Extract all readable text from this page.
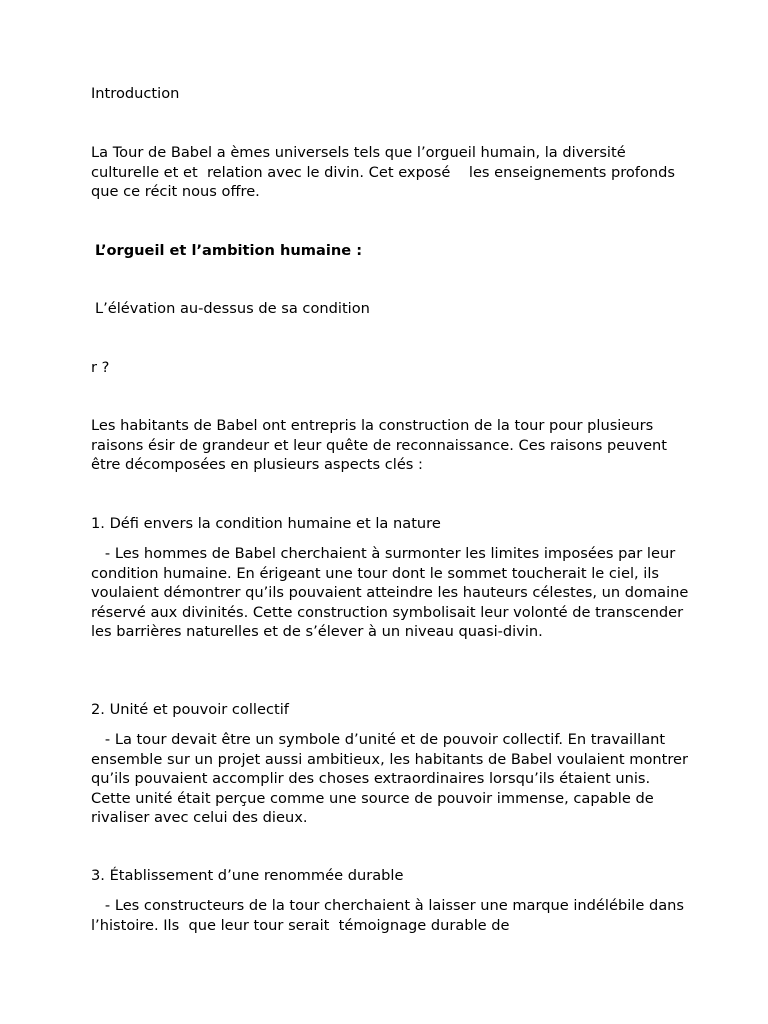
Introduction

La Tour de Babel a èmes universels tels que l’orgueil humain, la diversité culturelle et et  relation avec le divin. Cet exposé    les enseignements profonds que ce récit nous offre.

L’orgueil et l’ambition humaine :

L’élévation au-dessus de sa condition

r ?

Les habitants de Babel ont entrepris la construction de la tour pour plusieurs raisons ésir de grandeur et leur quête de reconnaissance. Ces raisons peuvent être décomposées en plusieurs aspects clés :

1. Défi envers la condition humaine et la nature

- Les hommes de Babel cherchaient à surmonter les limites imposées par leur condition humaine. En érigeant une tour dont le sommet toucherait le ciel, ils voulaient démontrer qu’ils pouvaient atteindre les hauteurs célestes, un domaine réservé aux divinités. Cette construction symbolisait leur volonté de transcender les barrières naturelles et de s’élever à un niveau quasi-divin.

2. Unité et pouvoir collectif

- La tour devait être un symbole d’unité et de pouvoir collectif. En travaillant ensemble sur un projet aussi ambitieux, les habitants de Babel voulaient montrer qu’ils pouvaient accomplir des choses extraordinaires lorsqu’ils étaient unis. Cette unité était perçue comme une source de pouvoir immense, capable de rivaliser avec celui des dieux.

3. Établissement d’une renommée durable

- Les constructeurs de la tour cherchaient à laisser une marque indélébile dans l’histoire. Ils  que leur tour serait  témoignage durable de
